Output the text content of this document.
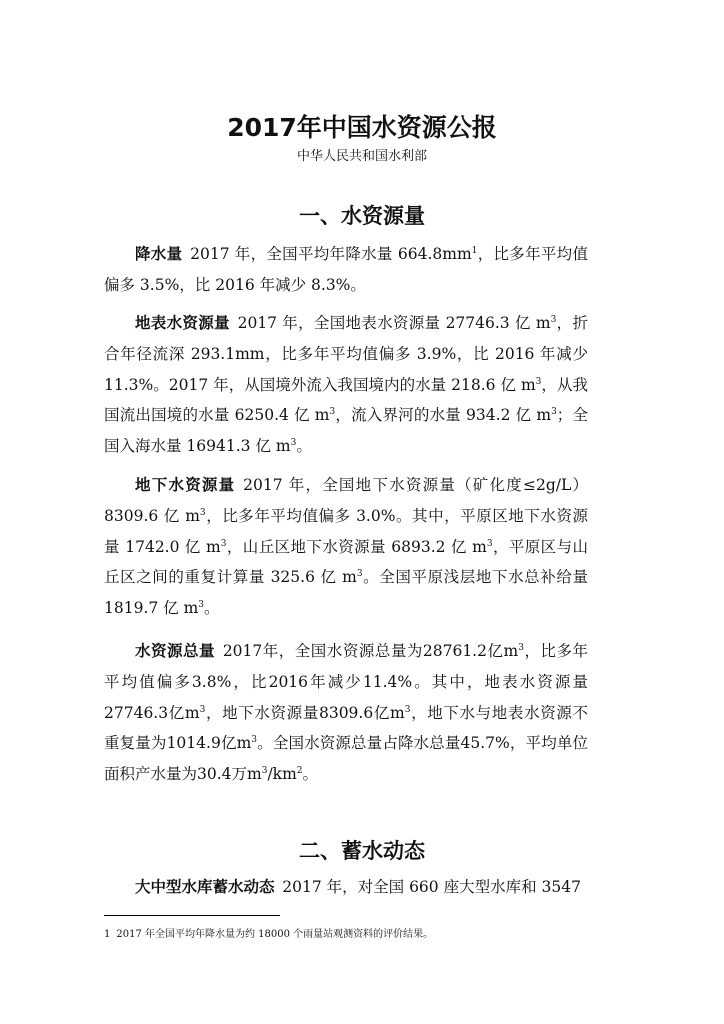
2017年中国水资源公报
中华人民共和国水利部
一、水资源量

降水量 2017 年，全国平均年降水量 $664.8mm^1$，比多年平均值偏多 3.5%，比 2016 年减少 8.3%。

地表水资源量 2017 年，全国地表水资源量 27746.3 亿 $m^3$，折合年径流深 293.1mm，比多年平均值偏多 3.9%，比 2016 年减少 11.3%。2017 年，从国境外流入我国境内的水量 218.6 亿 $m^3$，从我国流出国境的水量 6250.4 亿 $m^3$，流入界河的水量 934.2 亿 $m^3$；全国入海水量 16941.3 亿 $m^3$。

地下水资源量 2017 年，全国地下水资源量（矿化度≤2g/L）8309.6 亿 $m^3$，比多年平均值偏多 3.0%。其中，平原区地下水资源量 1742.0 亿 $m^3$，山丘区地下水资源量 6893.2 亿 $m^3$，平原区与山丘区之间的重复计算量 325.6 亿 $m^3$。全国平原浅层地下水总补给量 1819.7 亿 $m^3$。

水资源总量 2017年，全国水资源总量为28761.2亿$m^3$，比多年平均值偏多3.8%，比2016年减少11.4%。其中，地表水资源量27746.3亿$m^3$，地下水资源量8309.6亿$m^3$，地下水与地表水资源不重复量为1014.9亿$m^3$。全国水资源总量占降水总量45.7%，平均单位面积产水量为30.4万$m^3/km^2$。

二、蓄水动态

大中型水库蓄水动态 2017 年，对全国 660 座大型水库和 3547

1 2017 年全国平均年降水量为约 18000 个雨量站观测资料的评价结果。
